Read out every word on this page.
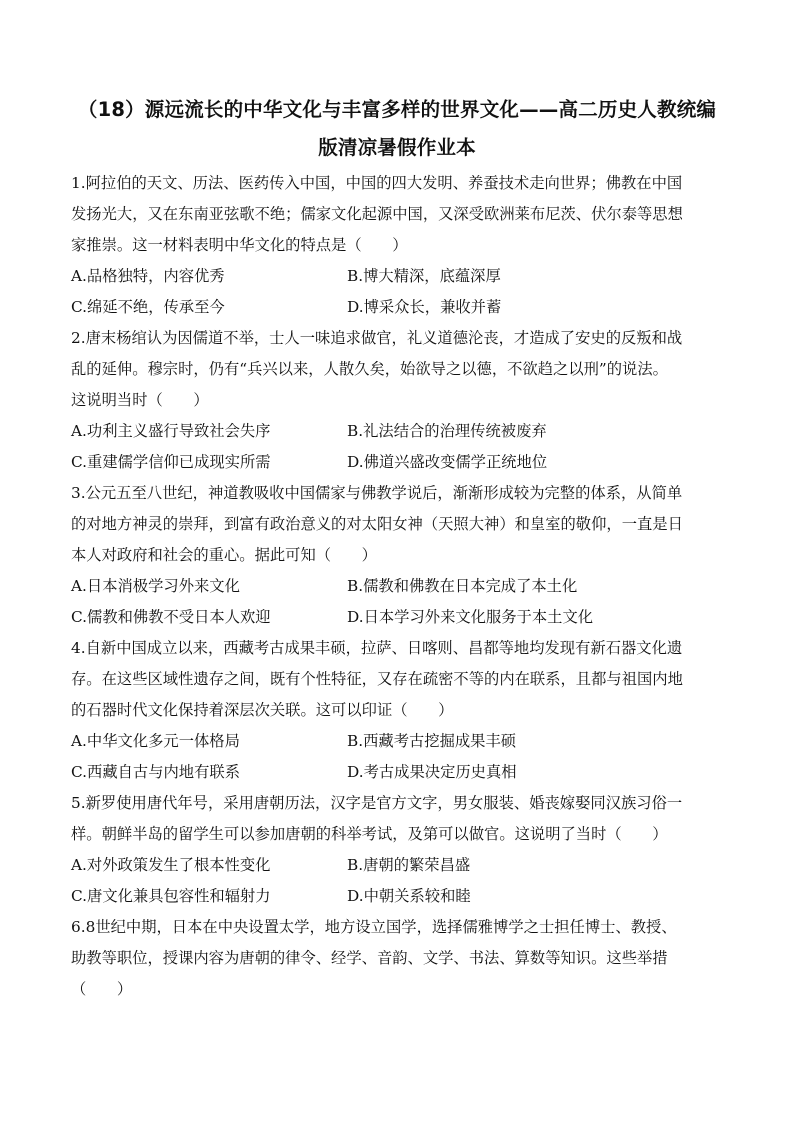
（18）源远流长的中华文化与丰富多样的世界文化——高二历史人教统编
版清凉暑假作业本
1.阿拉伯的天文、历法、医药传入中国，中国的四大发明、养蚕技术走向世界；佛教在中国
发扬光大，又在东南亚弦歌不绝；儒家文化起源中国，又深受欧洲莱布尼茨、伏尔泰等思想
家推崇。这一材料表明中华文化的特点是（　　）
A.品格独特，内容优秀	B.博大精深，底蕴深厚
C.绵延不绝，传承至今	D.博采众长，兼收并蓄
2.唐末杨绾认为因儒道不举，士人一味追求做官，礼义道德沦丧，才造成了安史的反叛和战
乱的延伸。穆宗时，仍有“兵兴以来，人散久矣，始欲导之以德，不欲趋之以刑”的说法。
这说明当时（　　）
A.功利主义盛行导致社会失序	B.礼法结合的治理传统被废弃
C.重建儒学信仰已成现实所需	D.佛道兴盛改变儒学正统地位
3.公元五至八世纪，神道教吸收中国儒家与佛教学说后，渐渐形成较为完整的体系，从简单
的对地方神灵的崇拜，到富有政治意义的对太阳女神（天照大神）和皇室的敬仰，一直是日
本人对政府和社会的重心。据此可知（　　）
A.日本消极学习外来文化	B.儒教和佛教在日本完成了本土化
C.儒教和佛教不受日本人欢迎	D.日本学习外来文化服务于本土文化
4.自新中国成立以来，西藏考古成果丰硕，拉萨、日喀则、昌都等地均发现有新石器文化遗
存。在这些区域性遗存之间，既有个性特征，又存在疏密不等的内在联系，且都与祖国内地
的石器时代文化保持着深层次关联。这可以印证（　　）
A.中华文化多元一体格局	B.西藏考古挖掘成果丰硕
C.西藏自古与内地有联系	D.考古成果决定历史真相
5.新罗使用唐代年号，采用唐朝历法，汉字是官方文字，男女服装、婚丧嫁娶同汉族习俗一
样。朝鲜半岛的留学生可以参加唐朝的科举考试，及第可以做官。这说明了当时（　　）
A.对外政策发生了根本性变化	B.唐朝的繁荣昌盛
C.唐文化兼具包容性和辐射力	D.中朝关系较和睦
6.8世纪中期，日本在中央设置太学，地方设立国学，选择儒雅博学之士担任博士、教授、
助教等职位，授课内容为唐朝的律令、经学、音韵、文学、书法、算数等知识。这些举措
（　　）
